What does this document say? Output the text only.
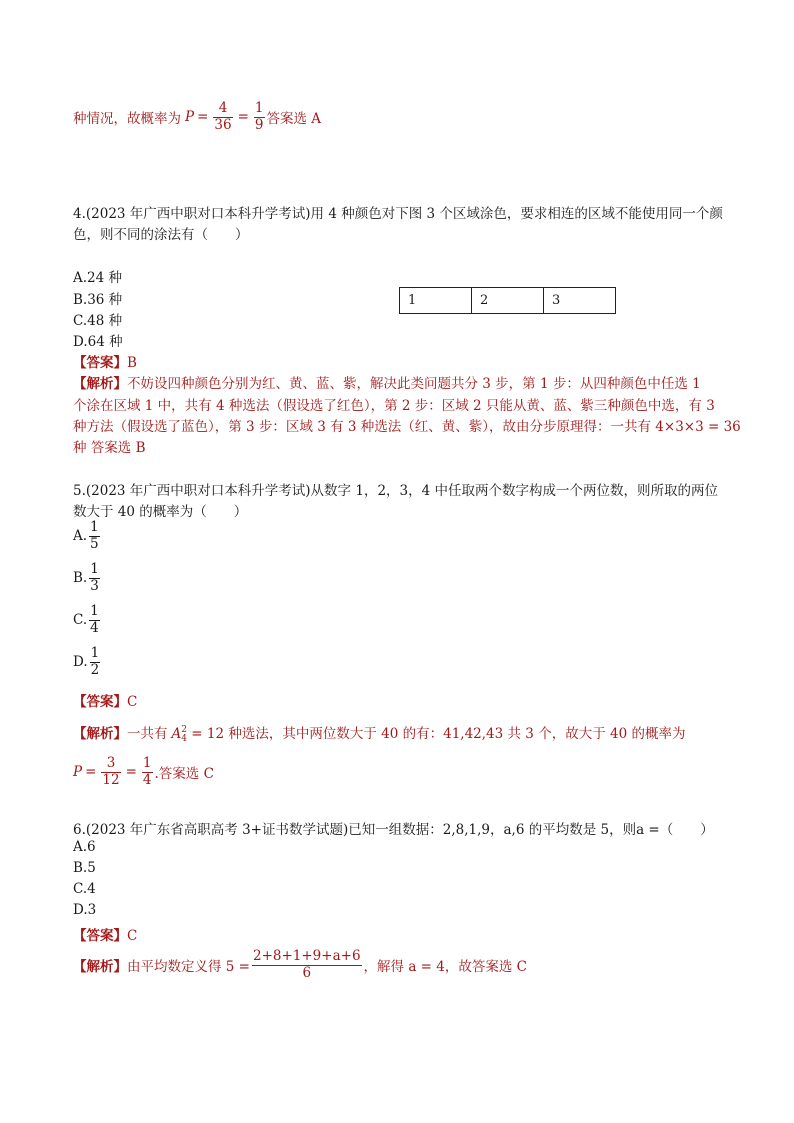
种情况，故概率为 $P = \frac{4}{36} = \frac{1}{9}$ 答案选 A
4.(2023 年广西中职对口本科升学考试)用 4 种颜色对下图 3 个区域涂色，要求相连的区域不能使用同一个颜
色，则不同的涂法有（　　）
A.24 种
B.36 种
C.48 种
D.64 种
1	2	3
【答案】B
【解析】不妨设四种颜色分别为红、黄、蓝、紫，解决此类问题共分 3 步，第 1 步：从四种颜色中任选 1
个涂在区域 1 中，共有 4 种选法（假设选了红色），第 2 步：区域 2 只能从黄、蓝、紫三种颜色中选，有 3
种方法（假设选了蓝色），第 3 步：区域 3 有 3 种选法（红、黄、紫），故由分步原理得：一共有 4×3×3 = 36
种 答案选 B
5.(2023 年广西中职对口本科升学考试)从数字 1，2，3，4 中任取两个数字构成一个两位数，则所取的两位
数大于 40 的概率为（　　）
A. $\frac{1}{5}$
B. $\frac{1}{3}$
C. $\frac{1}{4}$
D. $\frac{1}{2}$
【答案】C
【解析】一共有 A 2
4 = 12 种选法，其中两位数大于 40 的有：41,42,43 共 3 个，故大于 40 的概率为
$P = \frac{3}{12} = \frac{1}{4}$ .答案选 C
6.(2023 年广东省高职高考 3+证书数学试题)已知一组数据：2,8,1,9，a,6 的平均数是 5，则a =（　　）
A.6
B.5
C.4
D.3
【答案】C
【解析】 由平均数定义得 $5 = \frac{2+8+1+9+a+6}{6}$ ，解得 a = 4，故答案选 C
